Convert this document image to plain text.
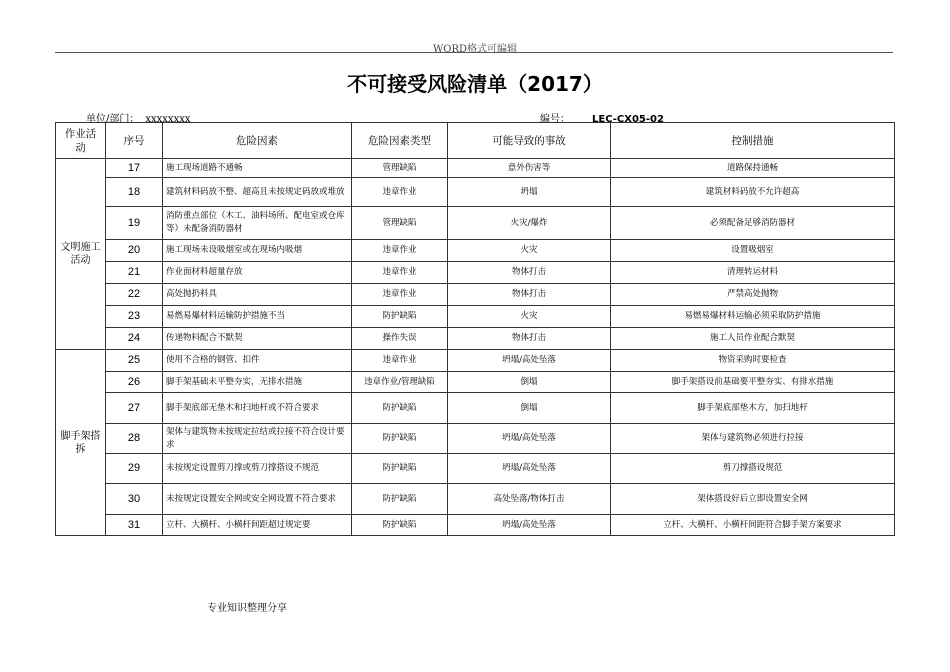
WORD格式可编辑
不可接受风险清单（2017）
单位/部门： xxxxxxxx	编号： LEC-CX05-02
作业活动	序号	危险因素	危险因素类型	可能导致的事故	控制措施
文明施工活动	17	施工现场道路不通畅	管理缺陷	意外伤害等	道路保持通畅
	18	建筑材料码放不整、超高且未按规定码放或堆放	违章作业	坍塌	建筑材料码放不允许超高
	19	消防重点部位（木工、油料场所、配电室或仓库等）未配备消防器材	管理缺陷	火灾/爆炸	必须配备足够消防器材
	20	施工现场未设吸烟室或在现场内吸烟	违章作业	火灾	设置吸烟室
	21	作业面材料超量存放	违章作业	物体打击	清理转运材料
	22	高处抛扔料具	违章作业	物体打击	严禁高处抛物
	23	易燃易爆材料运输防护措施不当	防护缺陷	火灾	易燃易爆材料运输必须采取防护措施
	24	传递物料配合不默契	操作失误	物体打击	施工人员作业配合默契
脚手架搭拆	25	使用不合格的钢管、扣件	违章作业	坍塌/高处坠落	物资采购时要检查
	26	脚手架基础未平整夯实，无排水措施	违章作业/管理缺陷	倒塌	脚手架搭设前基础要平整夯实、有排水措施
	27	脚手架底部无垫木和扫地杆或不符合要求	防护缺陷	倒塌	脚手架底部垫木方，加扫地杆
	28	架体与建筑物未按规定拉结或拉接不符合设计要求	防护缺陷	坍塌/高处坠落	架体与建筑物必须进行拉接
	29	未按规定设置剪刀撑或剪刀撑搭设不规范	防护缺陷	坍塌/高处坠落	剪刀撑搭设规范
	30	未按规定设置安全网或安全网设置不符合要求	防护缺陷	高处坠落/物体打击	架体搭设好后立即设置安全网
	31	立杆、大横杆、小横杆间距超过规定要	防护缺陷	坍塌/高处坠落	立杆、大横杆、小横杆间距符合脚手架方案要求
专业知识整理分享
